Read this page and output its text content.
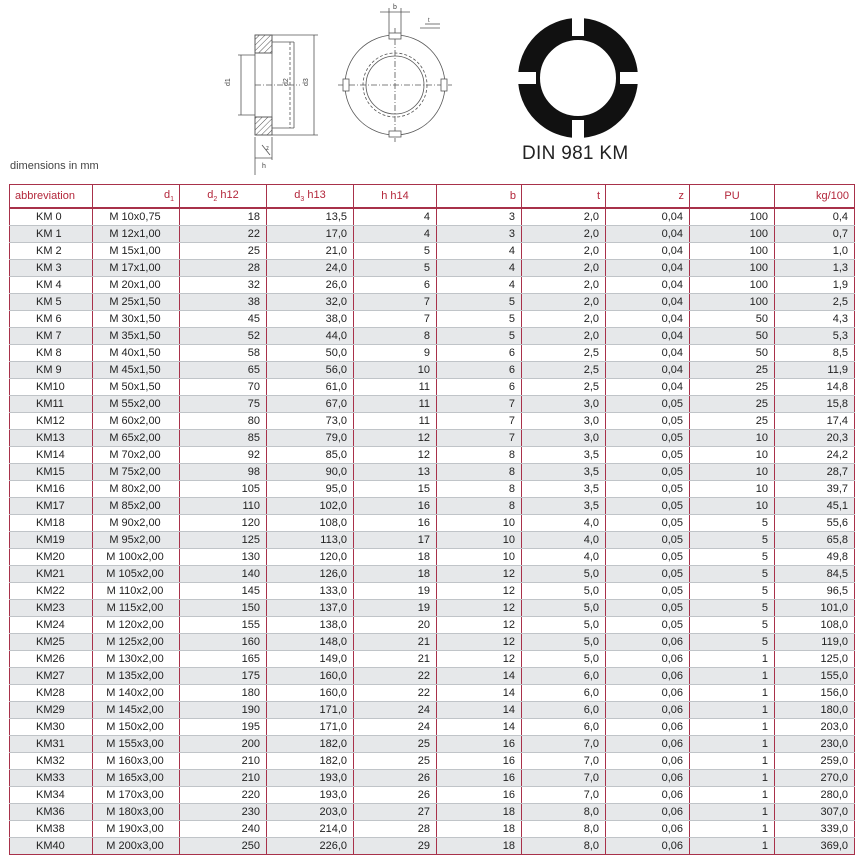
d1	d2 d3
h
z
b
t
DIN 981 KM
dimensions in mm
abbreviation	$d_1$	$d_2$ h12	$d_3$ h13	h h14	b	t	z	PU	kg/100
KM 0	M 10x0,75	18	13,5	4	3	2,0	0,04	100	0,4
KM 1	M 12x1,00	22	17,0	4	3	2,0	0,04	100	0,7
KM 2	M 15x1,00	25	21,0	5	4	2,0	0,04	100	1,0
KM 3	M 17x1,00	28	24,0	5	4	2,0	0,04	100	1,3
KM 4	M 20x1,00	32	26,0	6	4	2,0	0,04	100	1,9
KM 5	M 25x1,50	38	32,0	7	5	2,0	0,04	100	2,5
KM 6	M 30x1,50	45	38,0	7	5	2,0	0,04	50	4,3
KM 7	M 35x1,50	52	44,0	8	5	2,0	0,04	50	5,3
KM 8	M 40x1,50	58	50,0	9	6	2,5	0,04	50	8,5
KM 9	M 45x1,50	65	56,0	10	6	2,5	0,04	25	11,9
KM10	M 50x1,50	70	61,0	11	6	2,5	0,04	25	14,8
KM11	M 55x2,00	75	67,0	11	7	3,0	0,05	25	15,8
KM12	M 60x2,00	80	73,0	11	7	3,0	0,05	25	17,4
KM13	M 65x2,00	85	79,0	12	7	3,0	0,05	10	20,3
KM14	M 70x2,00	92	85,0	12	8	3,5	0,05	10	24,2
KM15	M 75x2,00	98	90,0	13	8	3,5	0,05	10	28,7
KM16	M 80x2,00	105	95,0	15	8	3,5	0,05	10	39,7
KM17	M 85x2,00	110	102,0	16	8	3,5	0,05	10	45,1
KM18	M 90x2,00	120	108,0	16	10	4,0	0,05	5	55,6
KM19	M 95x2,00	125	113,0	17	10	4,0	0,05	5	65,8
KM20	M 100x2,00	130	120,0	18	10	4,0	0,05	5	49,8
KM21	M 105x2,00	140	126,0	18	12	5,0	0,05	5	84,5
KM22	M 110x2,00	145	133,0	19	12	5,0	0,05	5	96,5
KM23	M 115x2,00	150	137,0	19	12	5,0	0,05	5	101,0
KM24	M 120x2,00	155	138,0	20	12	5,0	0,05	5	108,0
KM25	M 125x2,00	160	148,0	21	12	5,0	0,06	5	119,0
KM26	M 130x2,00	165	149,0	21	12	5,0	0,06	1	125,0
KM27	M 135x2,00	175	160,0	22	14	6,0	0,06	1	155,0
KM28	M 140x2,00	180	160,0	22	14	6,0	0,06	1	156,0
KM29	M 145x2,00	190	171,0	24	14	6,0	0,06	1	180,0
KM30	M 150x2,00	195	171,0	24	14	6,0	0,06	1	203,0
KM31	M 155x3,00	200	182,0	25	16	7,0	0,06	1	230,0
KM32	M 160x3,00	210	182,0	25	16	7,0	0,06	1	259,0
KM33	M 165x3,00	210	193,0	26	16	7,0	0,06	1	270,0
KM34	M 170x3,00	220	193,0	26	16	7,0	0,06	1	280,0
KM36	M 180x3,00	230	203,0	27	18	8,0	0,06	1	307,0
KM38	M 190x3,00	240	214,0	28	18	8,0	0,06	1	339,0
KM40	M 200x3,00	250	226,0	29	18	8,0	0,06	1	369,0
